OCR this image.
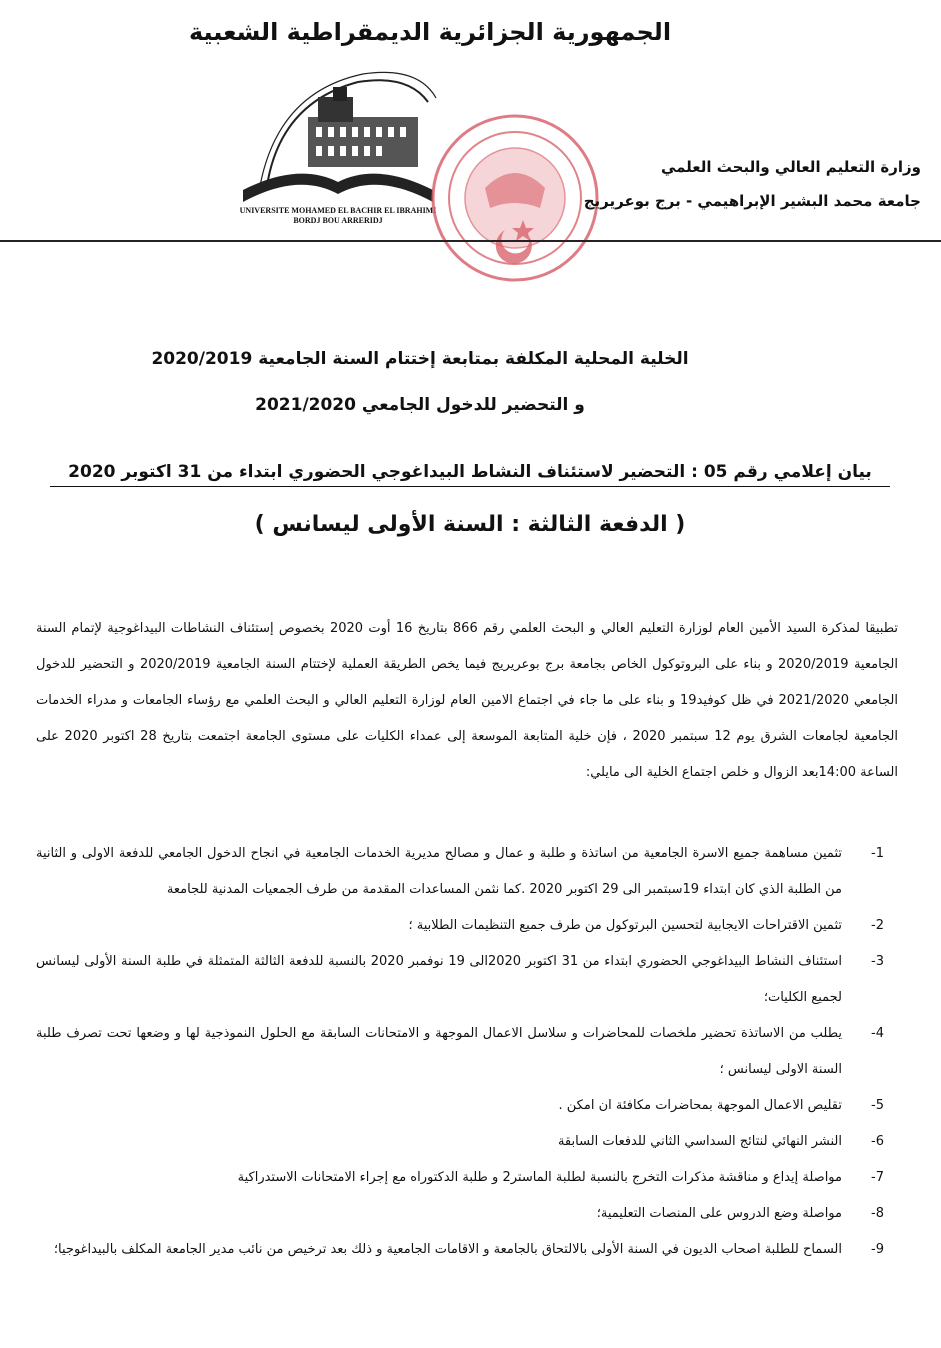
الجمهورية الجزائرية الديمقراطية الشعبية
UNIVERSITE MOHAMED EL BACHIR EL IBRAHIMI
BORDJ BOU ARRERIDJ
وزارة التعليم العالي والبحث العلمي
جامعة محمد البشير الإبراهيمي - برج بوعريريج
الخلية المحلية المكلفة بمتابعة إختتام السنة الجامعية 2020/2019
و التحضير للدخول الجامعي 2021/2020
بيان إعلامي رقم 05 : التحضير لاستئناف النشاط البيداغوجي الحضوري ابتداء من 31 اكتوبر 2020
( الدفعة الثالثة : السنة الأولى ليسانس )

تطبيقا لمذكرة السيد الأمين العام لوزارة التعليم العالي و البحث العلمي رقم 866 بتاريخ 16 أوت 2020 بخصوص إستئناف النشاطات البيداغوجية لإتمام السنة الجامعية 2020/2019 و بناء على البروتوكول الخاص بجامعة برج بوعريريج فيما يخص الطريقة العملية لإختتام السنة الجامعية 2020/2019 و التحضير للدخول الجامعي 2021/2020 في ظل كوفيد19 و بناء على ما جاء في اجتماع الامين العام لوزارة التعليم العالي و البحث العلمي مع رؤساء الجامعات و مدراء الخدمات الجامعية لجامعات الشرق يوم 12 سبتمبر 2020 ، فإن خلية المتابعة الموسعة إلى عمداء الكليات على مستوى الجامعة اجتمعت بتاريخ 28 اكتوبر 2020 على الساعة 14:00بعد الزوال و خلص اجتماع الخلية الى مايلي:

-1
تثمين مساهمة جميع الاسرة الجامعية من اساتذة و طلبة و عمال و مصالح مديرية الخدمات الجامعية في انجاح الدخول الجامعي للدفعة الاولى و الثانية من الطلبة الذي كان ابتداء 19سبتمبر الى 29 اكتوبر 2020 .كما نثمن المساعدات المقدمة من طرف الجمعيات المدنية للجامعة
-2
تثمين الاقتراحات الايجابية لتحسين البرتوكول من طرف جميع التنظيمات الطلابية ؛
-3
استئناف النشاط البيداغوجي الحضوري ابتداء من 31 اكتوبر 2020الى 19 نوفمبر 2020 بالنسبة للدفعة الثالثة المتمثلة في طلبة السنة الأولى ليسانس لجميع الكليات؛
-4
يطلب من الاساتذة تحضير ملخصات للمحاضرات و سلاسل الاعمال الموجهة و الامتحانات السابقة مع الحلول النموذجية لها و وضعها تحت تصرف طلبة السنة الاولى ليسانس ؛
-5
تقليص الاعمال الموجهة بمحاضرات مكافئة ان امكن .
-6
النشر النهائي لنتائج السداسي الثاني للدفعات السابقة
-7
مواصلة إيداع و مناقشة مذكرات التخرج بالنسبة لطلبة الماستر2 و طلبة الدكتوراه مع إجراء الامتحانات الاستدراكية
-8
مواصلة وضع الدروس على المنصات التعليمية؛
-9
السماح للطلبة اصحاب الديون في السنة الأولى بالالتحاق بالجامعة و الاقامات الجامعية و ذلك بعد ترخيص من نائب مدير الجامعة المكلف بالبيداغوجيا؛
